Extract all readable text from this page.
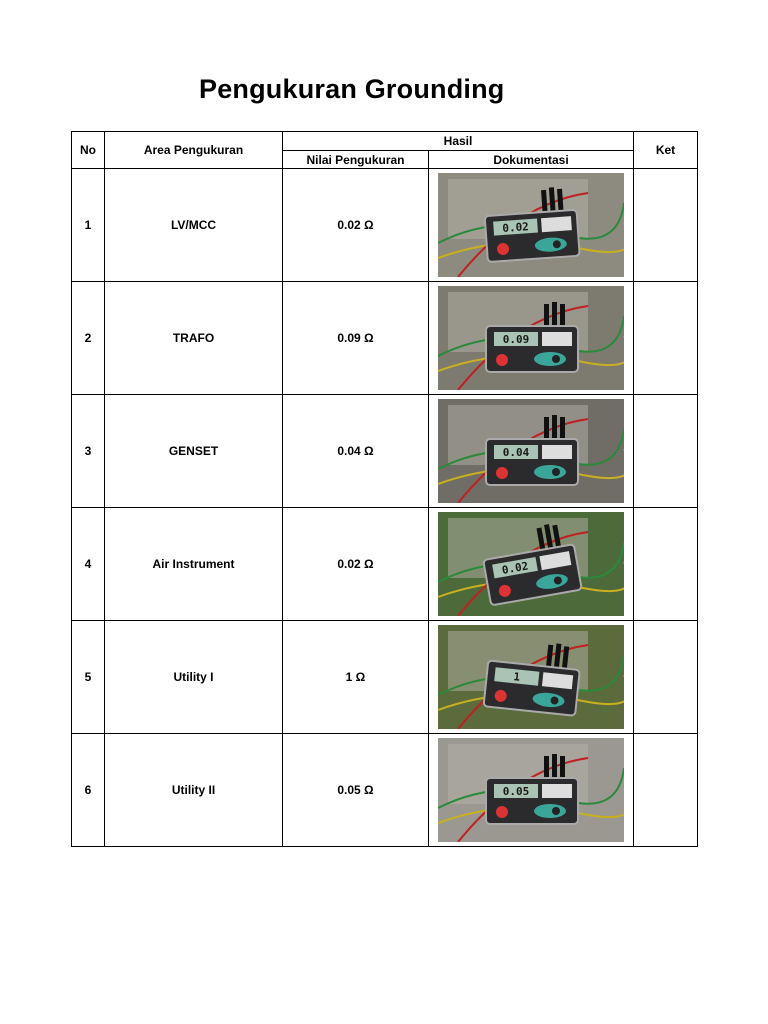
Pengukuran Grounding
No	Area Pengukuran	Hasil		Ket
		Nilai Pengukuran	Dokumentasi	
1	LV/MCC	0.02 Ω	0.02	

2	TRAFO	0.09 Ω	0.09	

3	GENSET	0.04 Ω	0.04	

4	Air Instrument	0.02 Ω	0.02	

5	Utility I	1 Ω	1	

6	Utility II	0.05 Ω	0.05	
